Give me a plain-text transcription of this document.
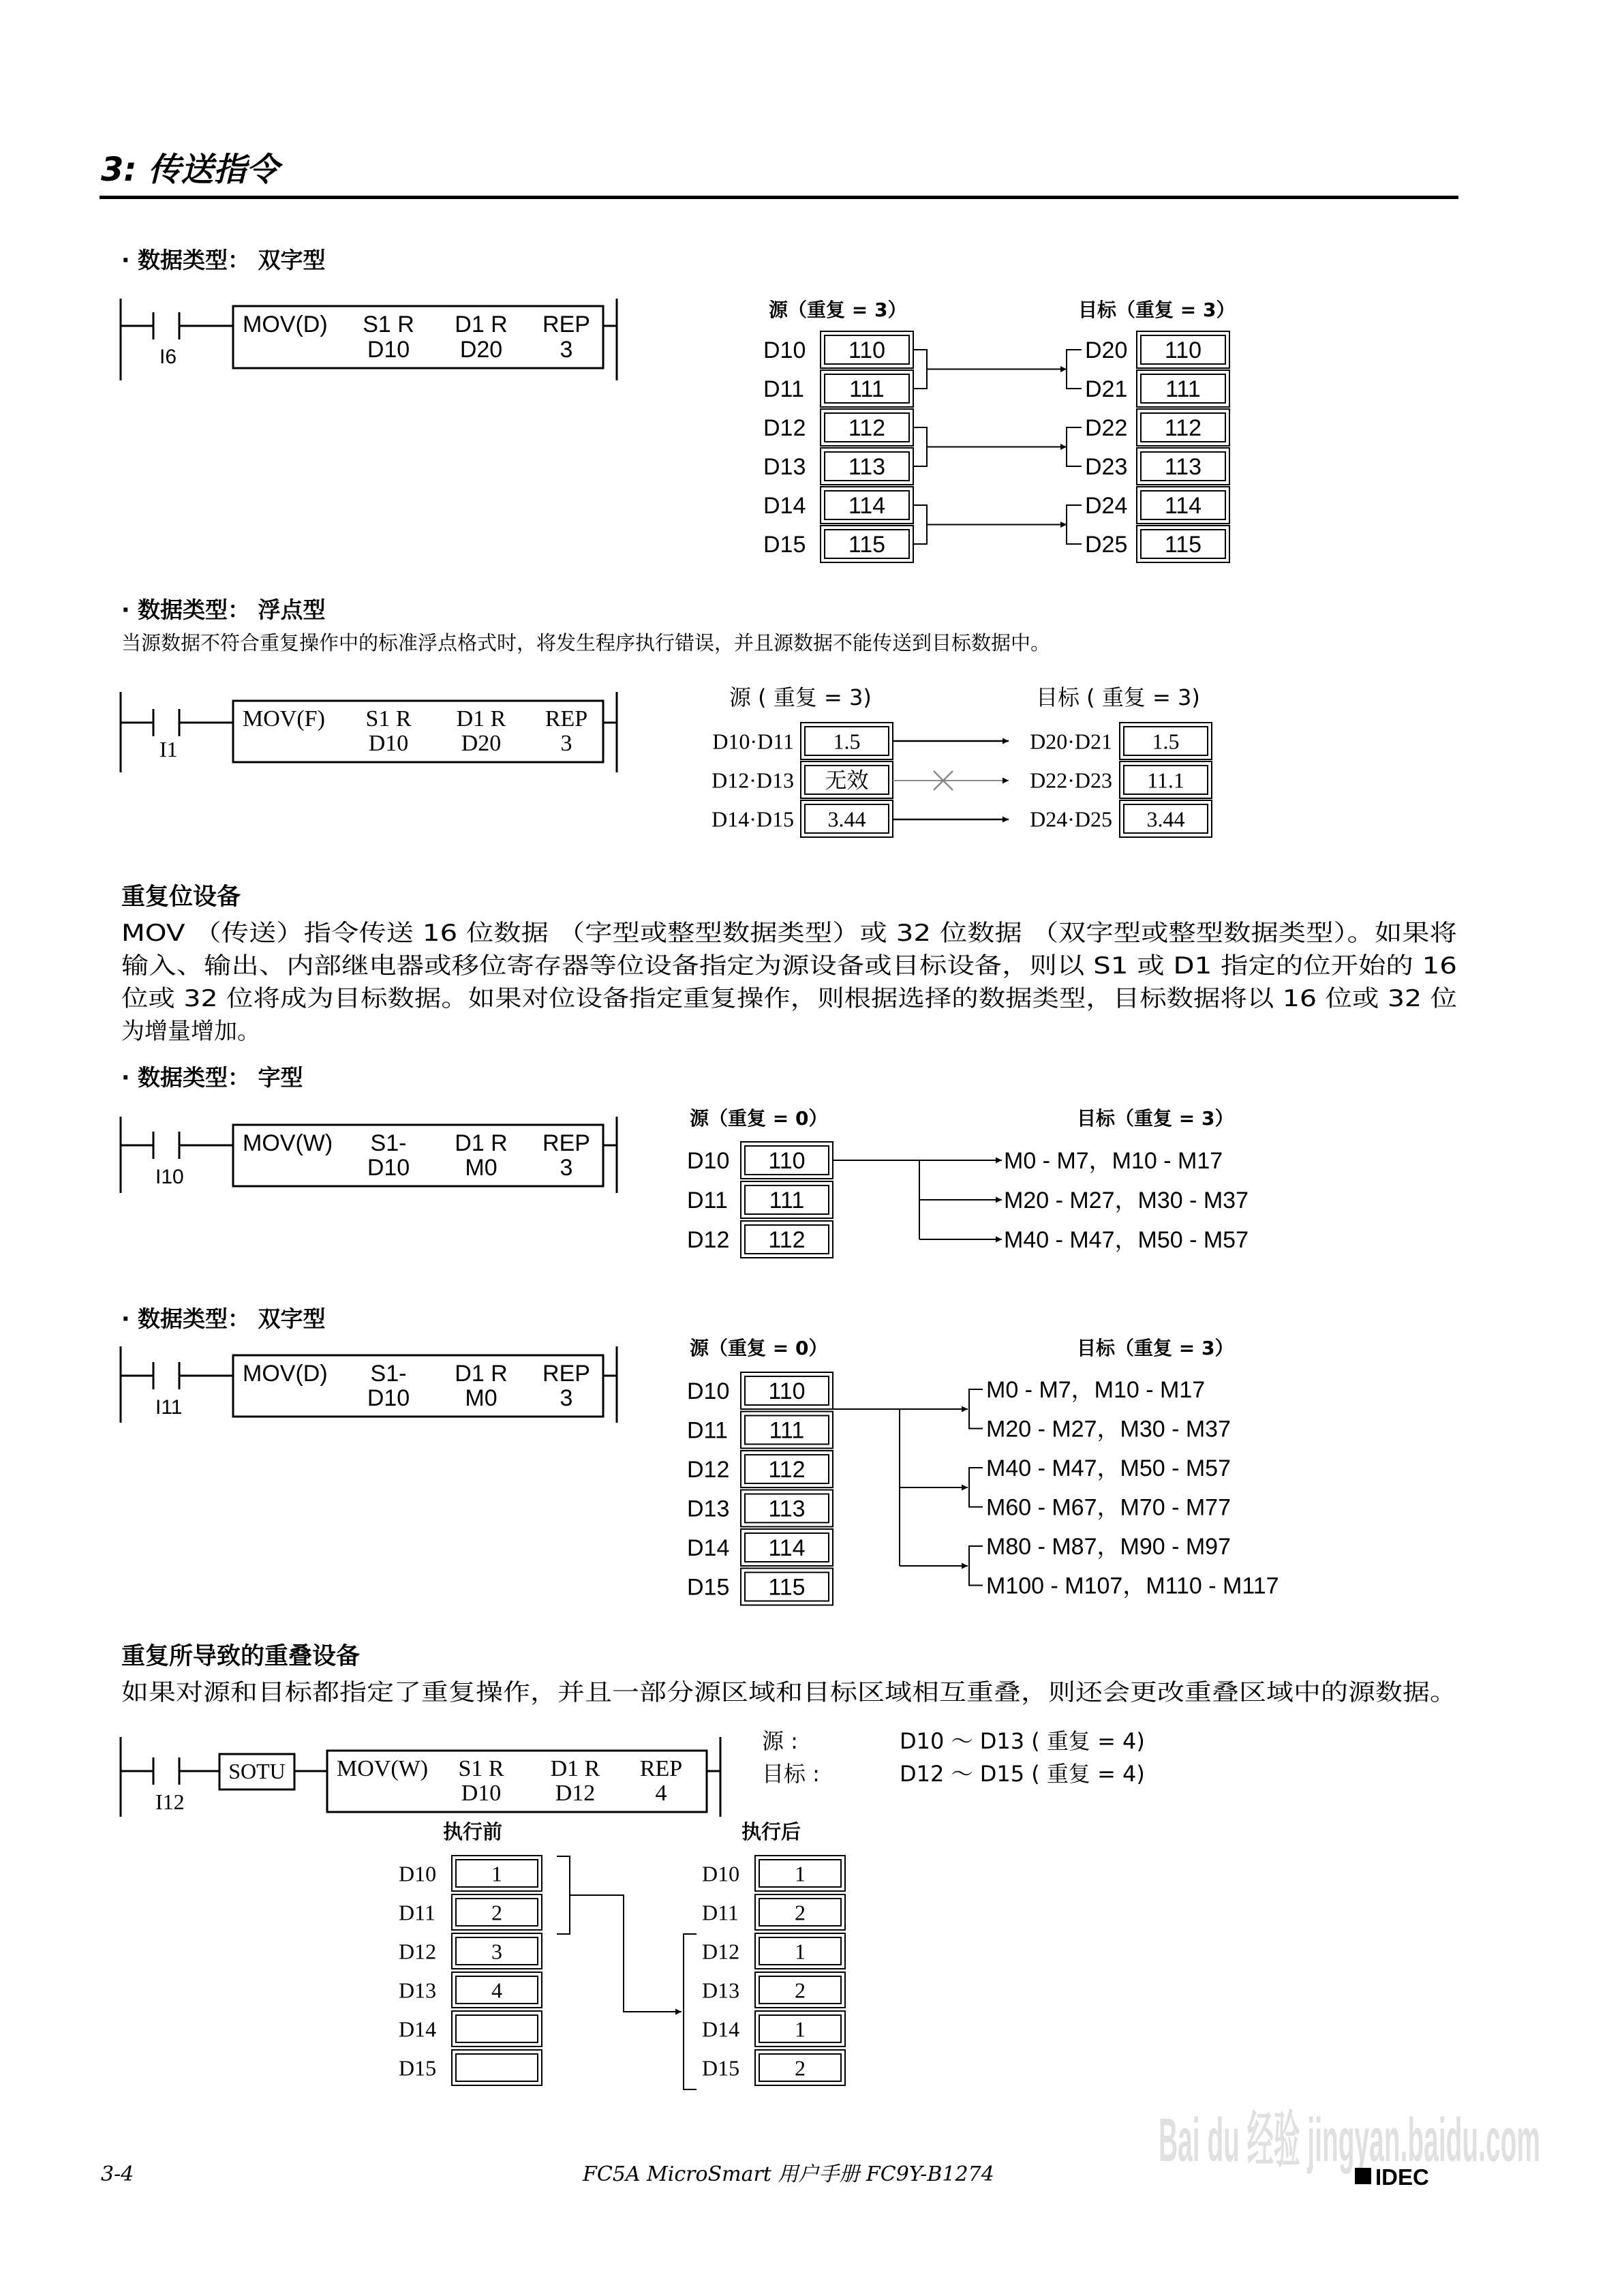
3: 传送指令
· 数据类型： 双字型
I6
MOV(D) S1 R
D10
D1 R
D20
REP
3
源（重复 = 3）	目标（重复 = 3）
D10 110
D11 111
D12 112
D13 113
D14 114
D15 115
D20 110
D21 111
D22 112
D23 113
D24 114
D25 115
· 数据类型： 浮点型
当源数据不符合重复操作中的标准浮点格式时，将发生程序执行错误，并且源数据不能传送到目标数据中。
I1
MOV(F) S1 R
D10
D1 R
D20
REP
3
源 ( 重复 = 3)	目标 ( 重复 = 3)
D10·D11 1.5
D12·D13 无效
D14·D15 3.44
D20·D21 1.5
D22·D23 11.1
D24·D25 3.44
重复位设备
MOV （传送）指令传送 16 位数据 （字型或整型数据类型）或 32 位数据 （双字型或整型数据类型）。如果将
输入、输出、内部继电器或移位寄存器等位设备指定为源设备或目标设备，则以 S1 或 D1 指定的位开始的 16
位或 32 位将成为目标数据。如果对位设备指定重复操作，则根据选择的数据类型，目标数据将以 16 位或 32 位
为增量增加。
· 数据类型： 字型
I10
MOV(W) S1-
D10
D1 R
M0
REP
3
源（重复 = 0）	目标（重复 = 3）
D10 110
D11 111
D12 112
M0 - M7，M10 - M17
M20 - M27，M30 - M37
M40 - M47，M50 - M57
· 数据类型： 双字型
I11
MOV(D) S1-
D10
D1 R
M0
REP
3
源（重复 = 0）	目标（重复 = 3）
D10 110
D11 111
D12 112
D13 113
D14 114
D15 115
M0 - M7，M10 - M17
M20 - M27，M30 - M37
M40 - M47，M50 - M57
M60 - M67，M70 - M77
M80 - M87，M90 - M97
M100 - M107，M110 - M117
重复所导致的重叠设备
如果对源和目标都指定了重复操作，并且一部分源区域和目标区域相互重叠，则还会更改重叠区域中的源数据。
SOTU
I12
MOV(W) S1 R
D10
D1 R
D12
REP
4
源 :	D10 ～ D13 ( 重复 = 4)
目标 :	D12 ～ D15 ( 重复 = 4)
执行前	执行后
D10	1
D11	2
D12	3
D13	4
D14
D15
D10	1
D11	2
D12	1
D13	2
D14	1
D15	2
3-4	FC5A MicroSmart 用户手册 FC9Y-B1274	IDEC
Bai du 经验 jingyan.baidu.com
